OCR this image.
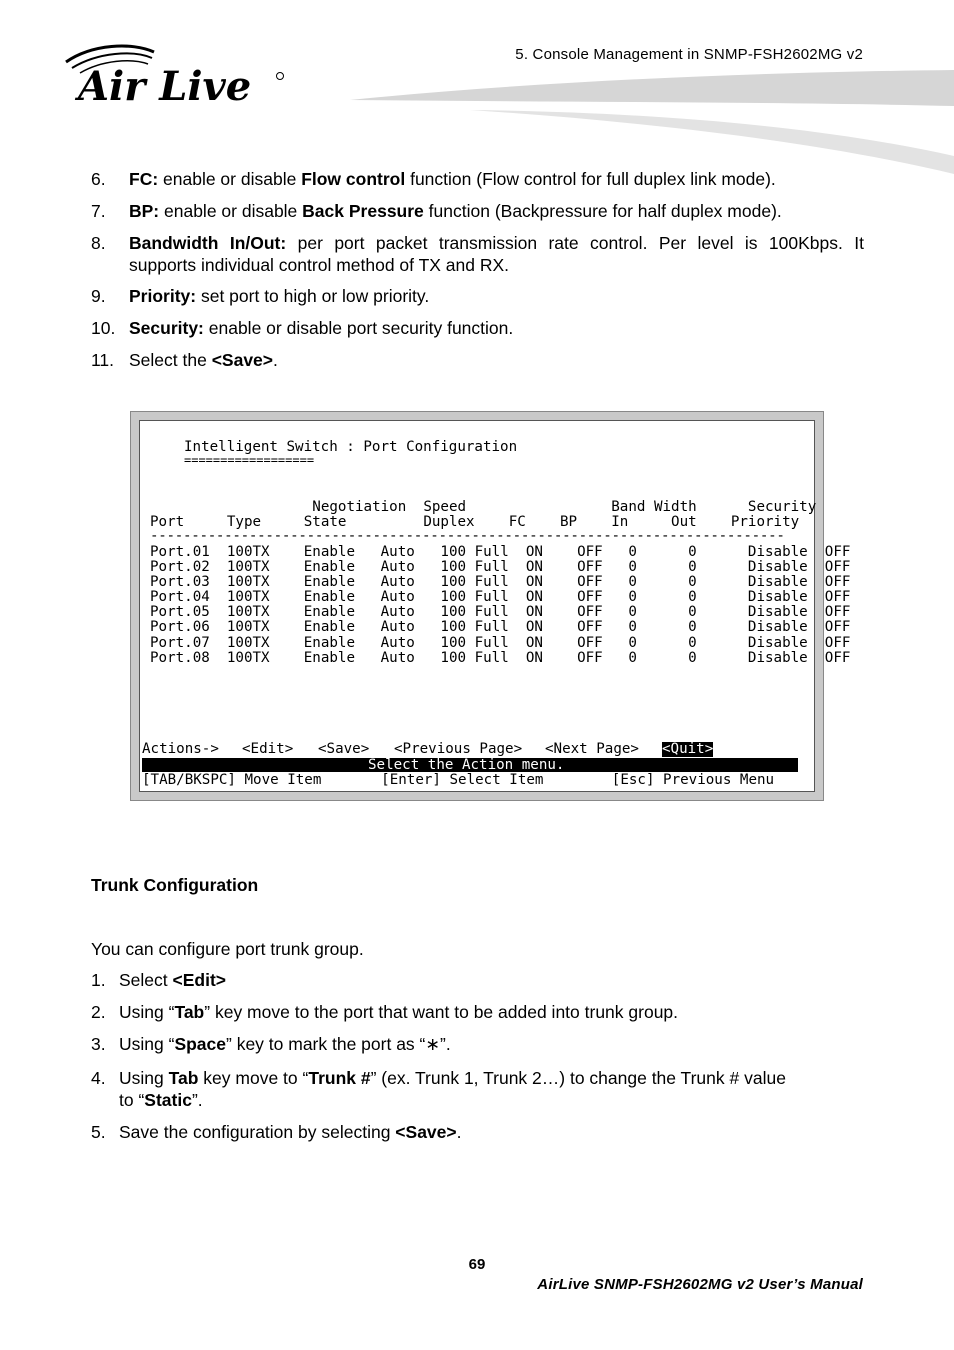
Air Live
5. Console Management in SNMP-FSH2602MG v2
6. FC: enable or disable Flow control function (Flow control for full duplex link mode).
7. BP: enable or disable Back Pressure function (Backpressure for half duplex mode).
8. Bandwidth In/Out: per port packet transmission rate control. Per level is 100Kbps. It
supports individual control method of TX and RX.
9. Priority: set port to high or low priority.
10. Security: enable or disable port security function.
11. Select the <Save>.
Intelligent Switch : Port Configuration
==================
Negotiation  Speed                 Band Width      Security
Port     Type     State         Duplex    FC    BP    In     Out    Priority
-----------------------------------------------------------------------------
Port.01  100TX    Enable   Auto   100 Full  ON    OFF   0      0      Disable  OFF
Port.02  100TX    Enable   Auto   100 Full  ON    OFF   0      0      Disable  OFF
Port.03  100TX    Enable   Auto   100 Full  ON    OFF   0      0      Disable  OFF
Port.04  100TX    Enable   Auto   100 Full  ON    OFF   0      0      Disable  OFF
Port.05  100TX    Enable   Auto   100 Full  ON    OFF   0      0      Disable  OFF
Port.06  100TX    Enable   Auto   100 Full  ON    OFF   0      0      Disable  OFF
Port.07  100TX    Enable   Auto   100 Full  ON    OFF   0      0      Disable  OFF
Port.08  100TX    Enable   Auto   100 Full  ON    OFF   0      0      Disable  OFF
Actions-> <Edit> <Save> <Previous Page> <Next Page> <Quit>
Select the Action menu.
[TAB/BKSPC] Move Item       [Enter] Select Item        [Esc] Previous Menu
Trunk Configuration
You can configure port trunk group.
1. Select <Edit>
2. Using “Tab” key move to the port that want to be added into trunk group.
3. Using “Space” key to mark the port as “∗”.
4. Using Tab key move to “Trunk #” (ex. Trunk 1, Trunk 2…) to change the Trunk # value
to “Static”.
5. Save the configuration by selecting <Save>.
69
AirLive SNMP-FSH2602MG v2 User’s Manual
